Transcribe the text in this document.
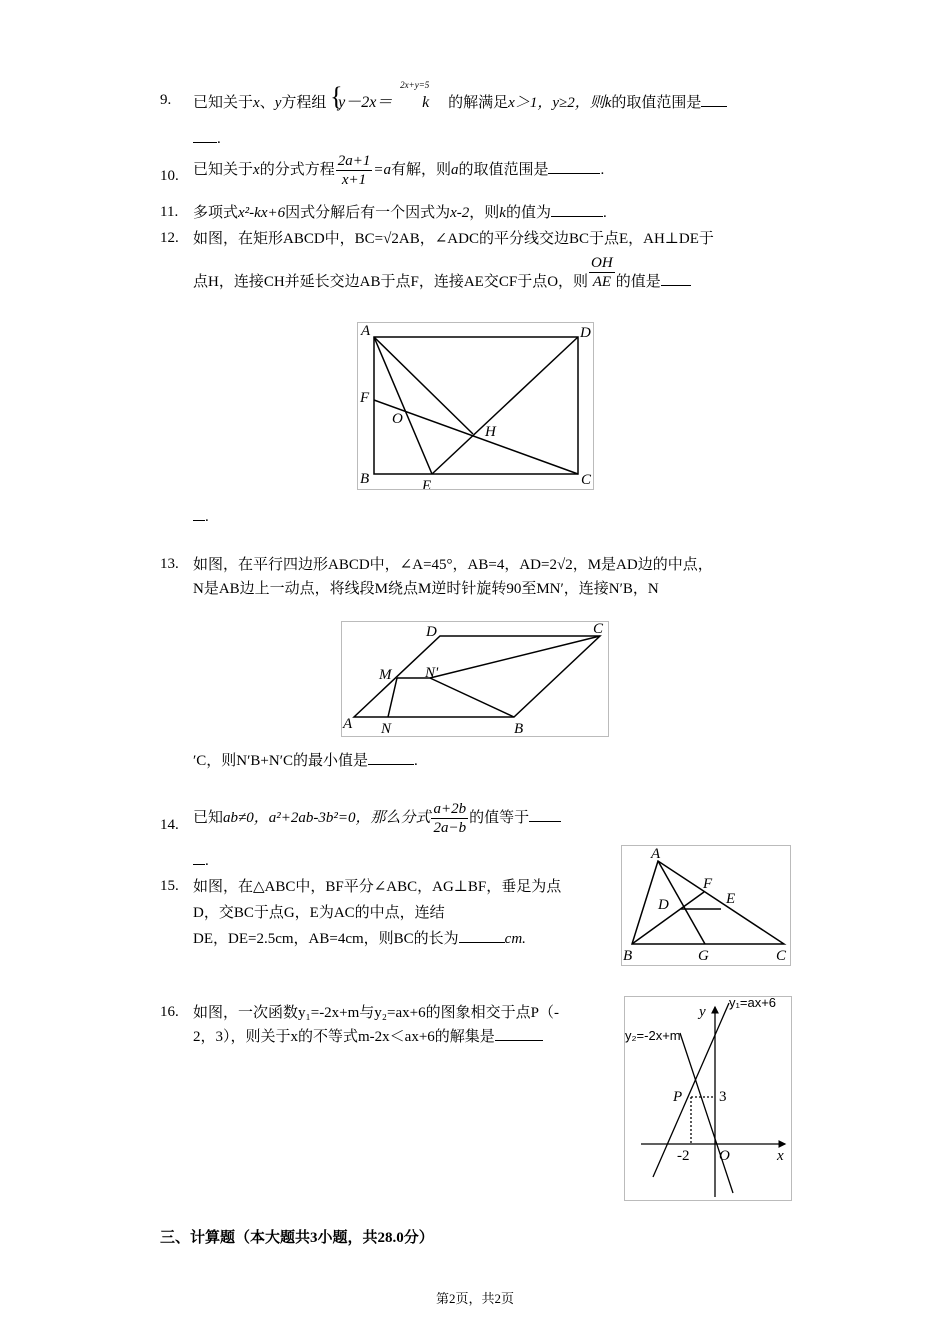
9. 已知关于x、y方程组 {	2x+y=5
y－2x＝ k 的解满足x＞1，y≥2，则k的取值范围是
.
10. 已知关于x的分式方程 $\frac{2a+1}{x+1} =a$有解，则a的取值范围是	.
11. 多项式x²-kx+6因式分解后有一个因式为x-2，则k的值为	.
12. 如图，在矩形ABCD中，BC=√2AB，∠ADC的平分线交边BC于点E，AH⊥DE于
点H，连接CH并延长交边AB于点F，连接AE交CF于点O，则 $\frac{OH}{AE}$ 的值是
A	D
F
O
H
B	E	C
.
13. 如图，在平行四边形ABCD中，∠A=45°，AB=4，AD=2√2，M是AD边的中点，
N是AB边上一动点，将线段M绕点M逆时针旋转90至MN′，连接N′B，N
D	C
M N'
A N	B
′C，则N′B+N′C的最小值是	.
14. 已知ab≠0，a²+2ab-3b²=0，那么分式 $\frac{a+2b}{2a-b}$ 的值等于
.
15. 如图，在△ABC中，BF平分∠ABC，AG⊥BF，垂足为点
D，交BC于点G，E为AC的中点，连结
DE，DE=2.5cm，AB=4cm，则BC的长为	cm.
A
F
E
D
B	G	C
16. 如图，一次函数y₁=-2x+m与y₂=ax+6的图象相交于点P（-
2，3），则关于x的不等式m-2x＜ax+6的解集是
y
y₁=ax+6
y₂=-2x+m
P 3
-2 O	x
三、计算题（本大题共3小题，共28.0分）
第2页，共2页
